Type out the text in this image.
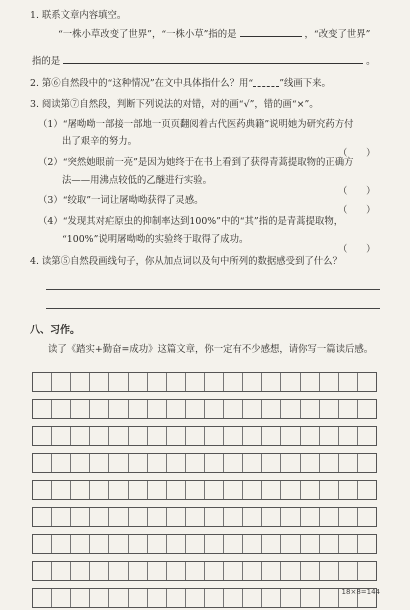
1. 联系文章内容填空。
“一株小草改变了世界”，“一株小草”指的是	，“改变了世界”
指的是	。
2. 第⑥自然段中的“这种情况”在文中具体指什么？用“	”线画下来。
3. 阅读第⑦自然段，判断下列说法的对错，对的画“√”，错的画“×”。
（1）“屠呦呦一部接一部地一页页翻阅着古代医药典籍”说明她为研究药方付
出了艰辛的努力。
（　　）
（2）“突然她眼前一亮”是因为她终于在书上看到了获得青蒿提取物的正确方
法——用沸点较低的乙醚进行实验。
（　　）
（3）“绞取”一词让屠呦呦获得了灵感。
（　　）
（4）“发现其对疟原虫的抑制率达到100%”中的“其”指的是青蒿提取物，
“100%”说明屠呦呦的实验终于取得了成功。
（　　）
4. 读第⑤自然段画线句子，你从加点词以及句中所列的数据感受到了什么？
八、习作。
读了《踏实+勤奋=成功》这篇文章，你一定有不少感想，请你写一篇读后感。
18×8=144
